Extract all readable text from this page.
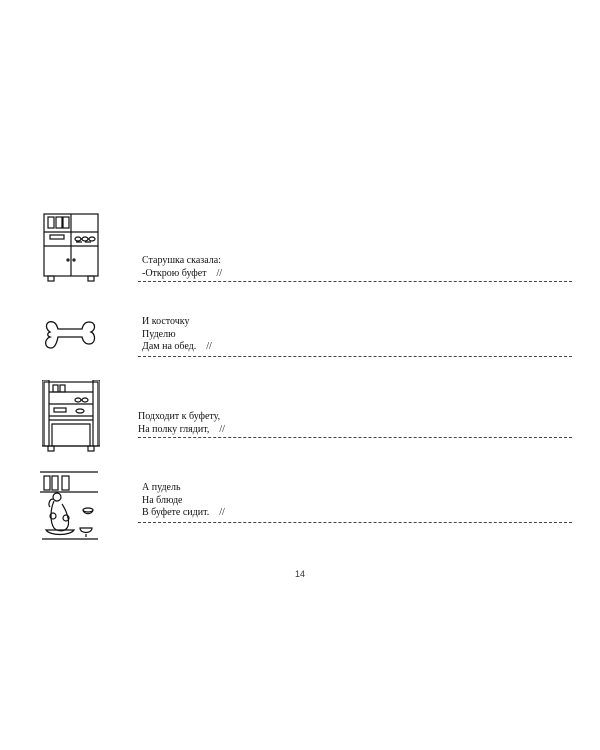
Старушка сказала:
-Открою буфет //
И косточку
Пуделю
Дам на обед. //
Подходит к буфету,
На полку глядит, //
А пудель
На блюде
В буфете сидит. //
14
